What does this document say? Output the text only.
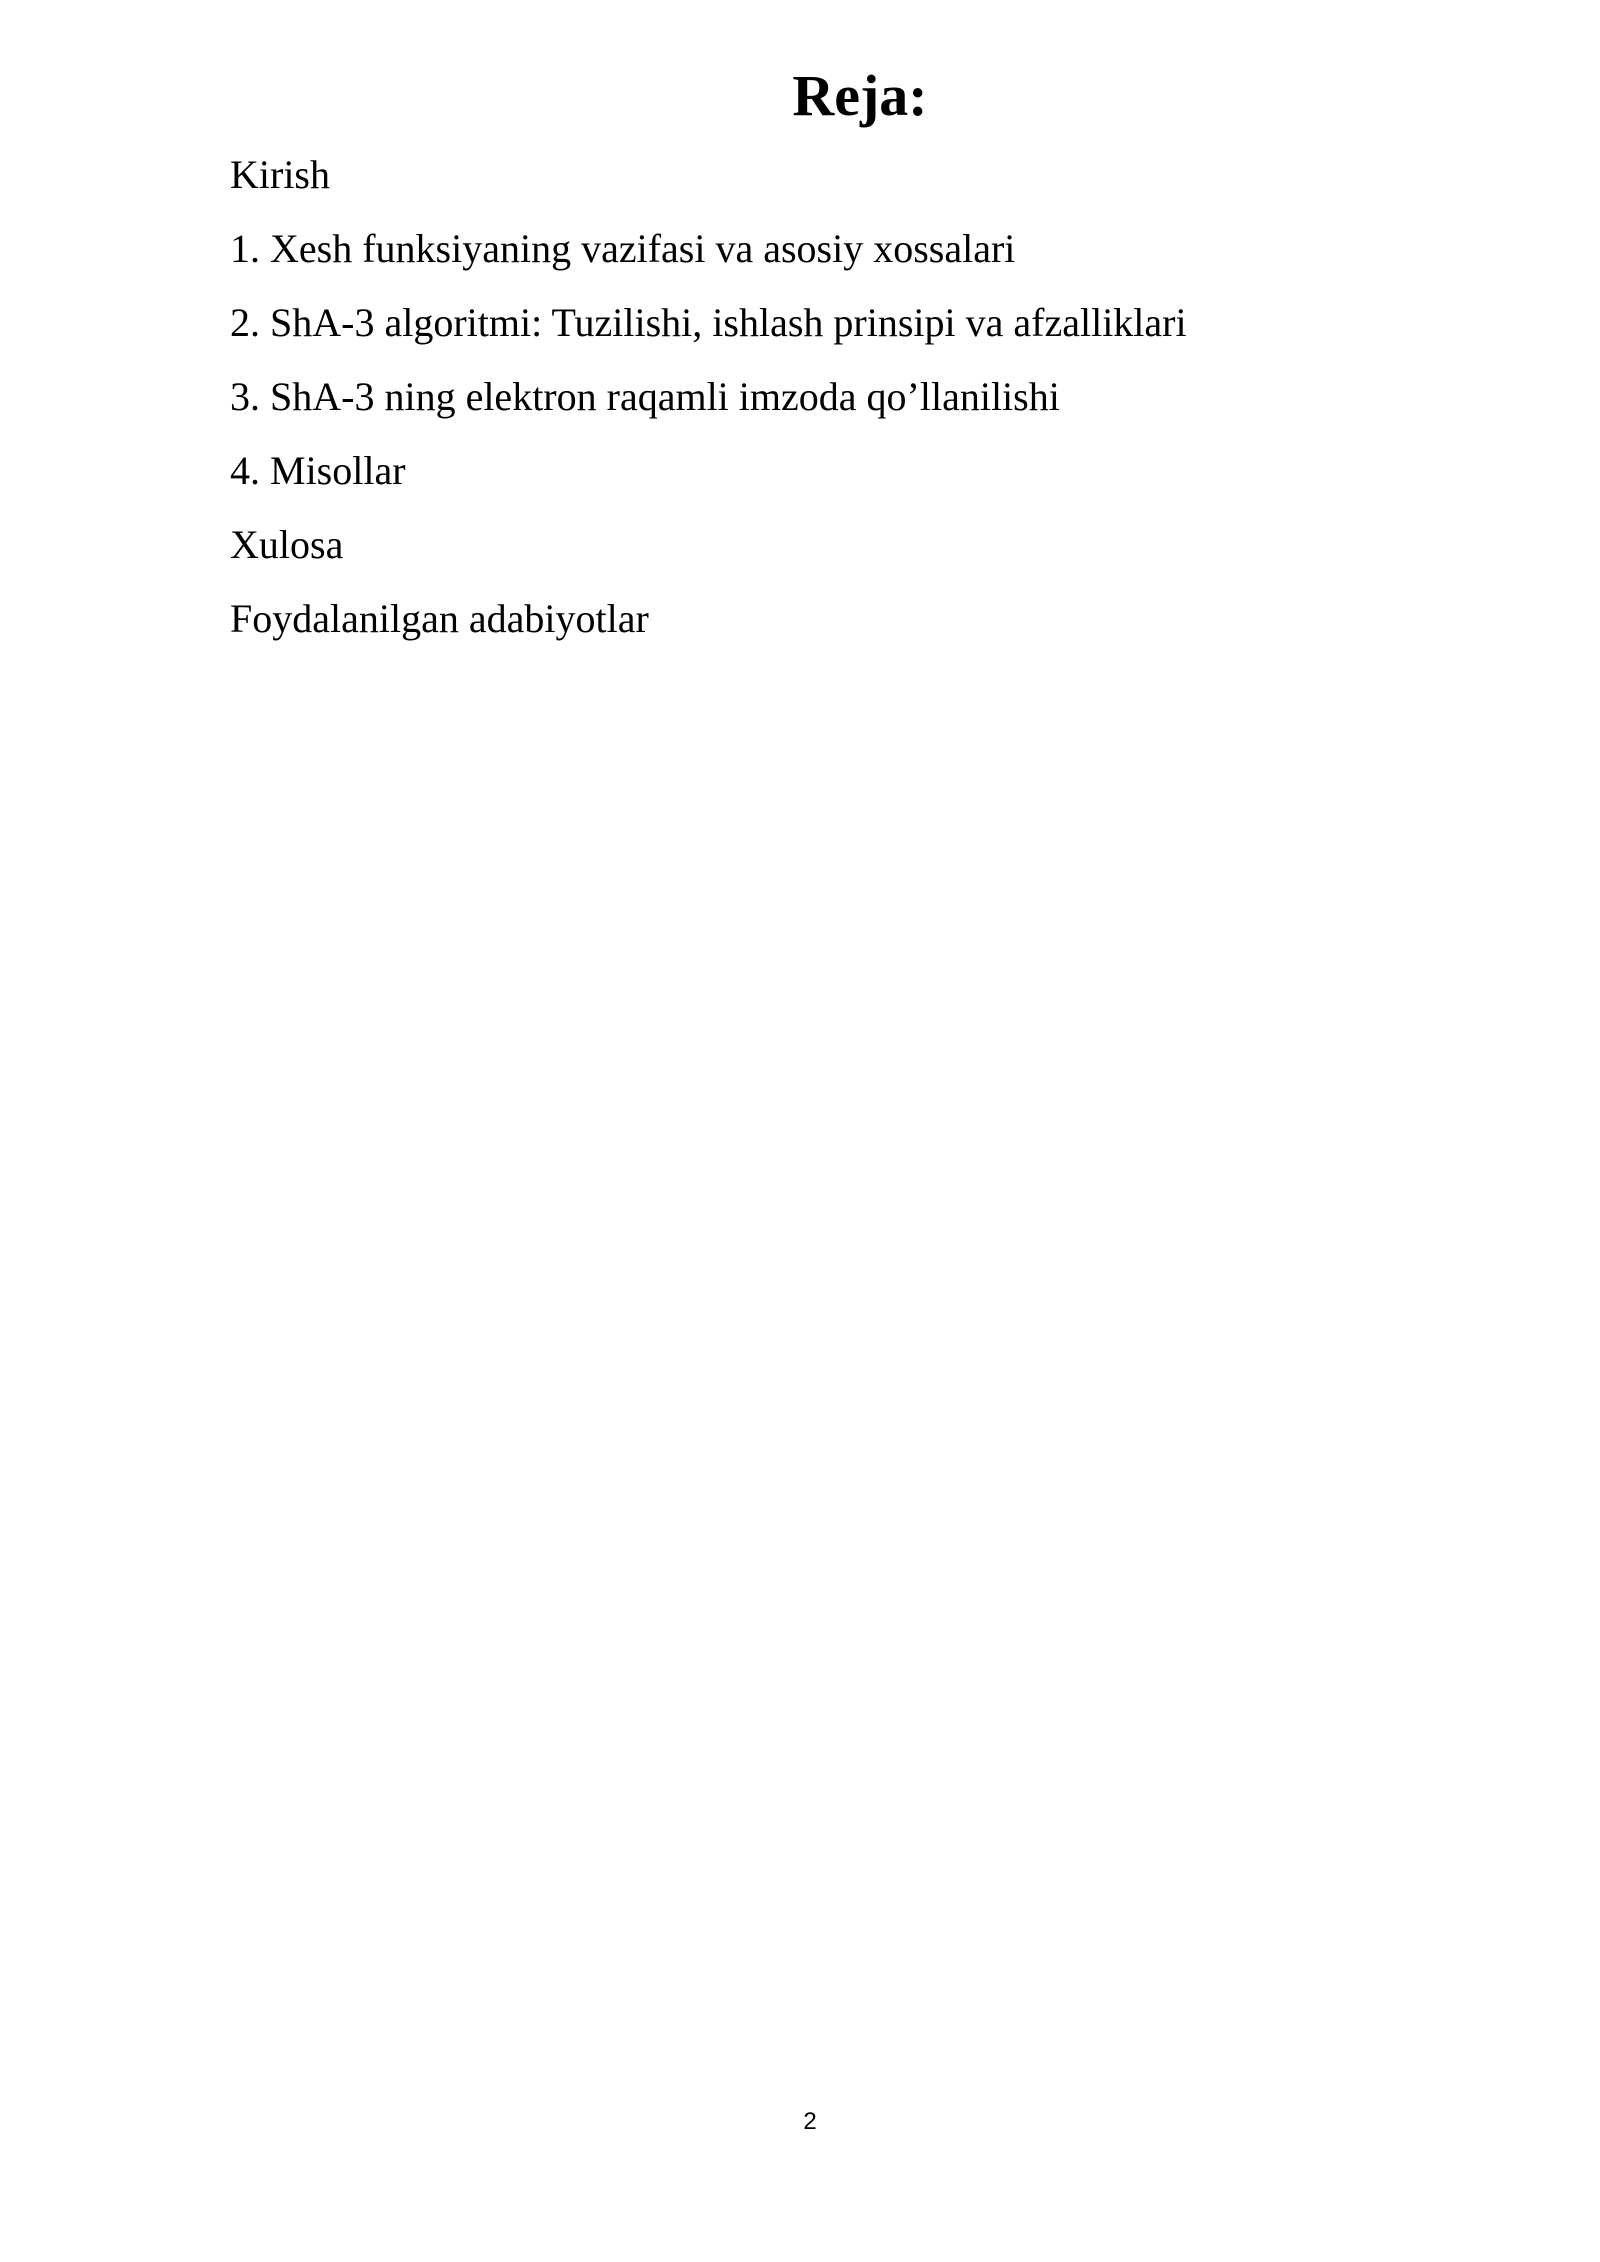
Reja:
Kirish
1. Xesh funksiyaning vazifasi va asosiy xossalari
2. ShA-3 algoritmi: Tuzilishi, ishlash prinsipi va afzalliklari
3. ShA-3 ning elektron raqamli imzoda qo’llanilishi
4. Misollar
Xulosa
Foydalanilgan adabiyotlar
2
